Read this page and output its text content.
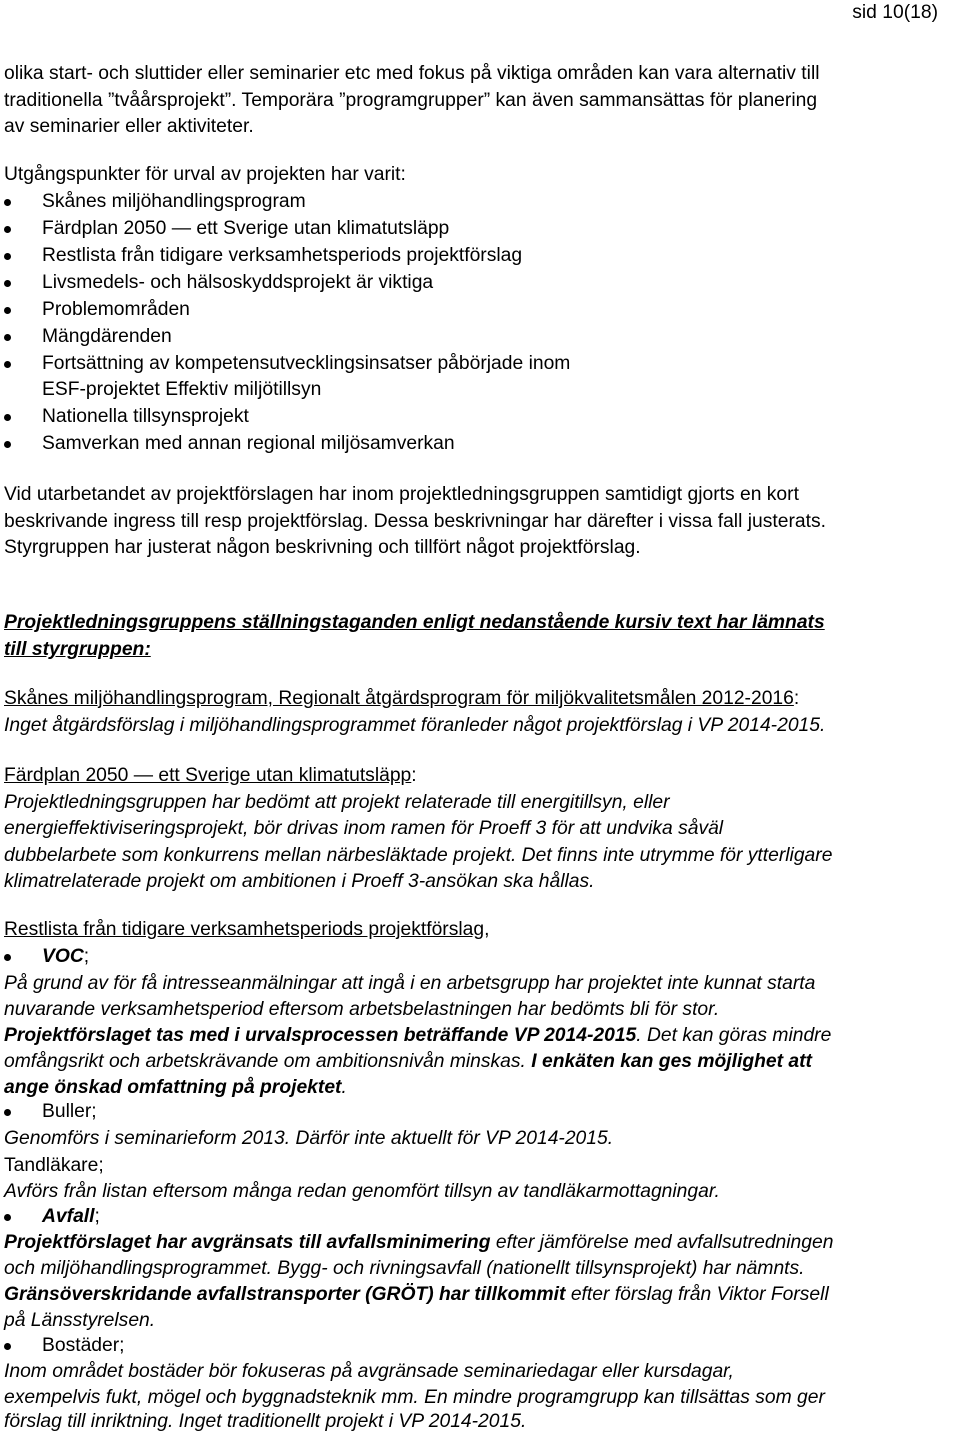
sid 10(18)
olika start- och sluttider eller seminarier etc med fokus på viktiga områden kan vara alternativ till
traditionella ”tvåårsprojekt”. Temporära ”programgrupper” kan även sammansättas för planering
av seminarier eller aktiviteter.
Utgångspunkter för urval av projekten har varit:
Skånes miljöhandlingsprogram
Färdplan 2050 — ett Sverige utan klimatutsläpp
Restlista från tidigare verksamhetsperiods projektförslag
Livsmedels- och hälsoskyddsprojekt är viktiga
Problemområden
Mängdärenden
Fortsättning av kompetensutvecklingsinsatser påbörjade inom
ESF-projektet Effektiv miljötillsyn
Nationella tillsynsprojekt
Samverkan med annan regional miljösamverkan
Vid utarbetandet av projektförslagen har inom projektledningsgruppen samtidigt gjorts en kort
beskrivande ingress till resp projektförslag. Dessa beskrivningar har därefter i vissa fall justerats.
Styrgruppen har justerat någon beskrivning och tillfört något projektförslag.
Projektledningsgruppens ställningstaganden enligt nedanstående kursiv text har lämnats
till styrgruppen:
Skånes miljöhandlingsprogram, Regionalt åtgärdsprogram för miljökvalitetsmålen 2012-2016:
Inget åtgärdsförslag i miljöhandlingsprogrammet föranleder något projektförslag i VP 2014-2015.
Färdplan 2050 — ett Sverige utan klimatutsläpp:
Projektledningsgruppen har bedömt att projekt relaterade till energitillsyn, eller
energieffektiviseringsprojekt, bör drivas inom ramen för Proeff 3 för att undvika såväl
dubbelarbete som konkurrens mellan närbesläktade projekt. Det finns inte utrymme för ytterligare
klimatrelaterade projekt om ambitionen i Proeff 3-ansökan ska hållas.
Restlista från tidigare verksamhetsperiods projektförslag,
VOC;
På grund av för få intresseanmälningar att ingå i en arbetsgrupp har projektet inte kunnat starta
nuvarande verksamhetsperiod eftersom arbetsbelastningen har bedömts bli för stor.
Projektförslaget tas med i urvalsprocessen beträffande VP 2014-2015. Det kan göras mindre
omfångsrikt och arbetskrävande om ambitionsnivån minskas. I enkäten kan ges möjlighet att
ange önskad omfattning på projektet.
Buller;
Genomförs i seminarieform 2013. Därför inte aktuellt för VP 2014-2015.
Tandläkare;
Avförs från listan eftersom många redan genomfört tillsyn av tandläkarmottagningar.
Avfall;
Projektförslaget har avgränsats till avfallsminimering efter jämförelse med avfallsutredningen
och miljöhandlingsprogrammet. Bygg- och rivningsavfall (nationellt tillsynsprojekt) har nämnts.
Gränsöverskridande avfallstransporter (GRÖT) har tillkommit efter förslag från Viktor Forsell
på Länsstyrelsen.
Bostäder;
Inom området bostäder bör fokuseras på avgränsade seminariedagar eller kursdagar,
exempelvis fukt, mögel och byggnadsteknik mm. En mindre programgrupp kan tillsättas som ger
förslag till inriktning. Inget traditionellt projekt i VP 2014-2015.
